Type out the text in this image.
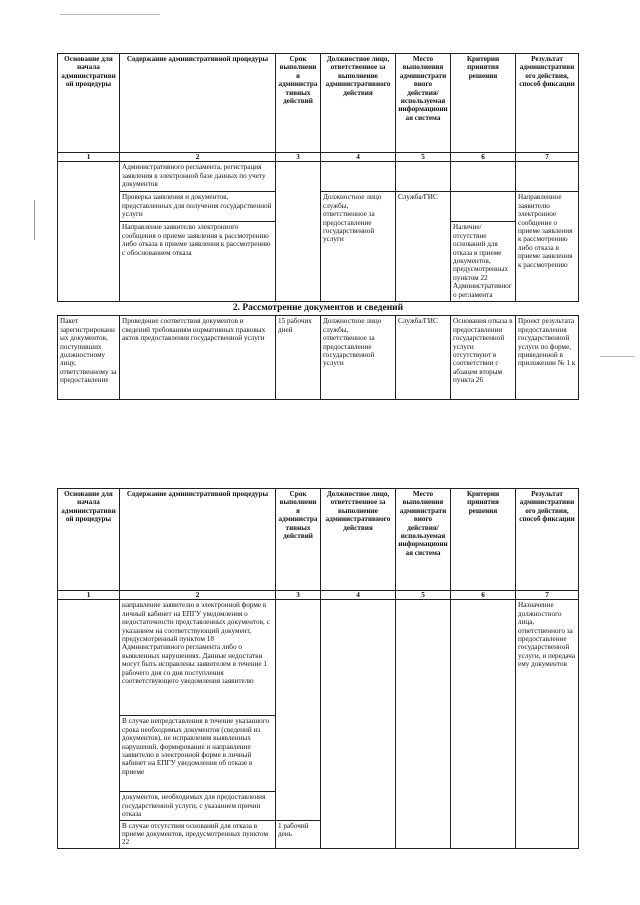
Основание для начала административной процедуры	Содержание административной процедуры	Срок выполнения административных действий	Должностное лицо, ответственное за выполнение административного действия	Место выполнения административного действия/ используемая информационная система	Критерии принятия решения	Результат административного действия, способ фиксации
1	2	3	4	5	6	7
	Административного регламента, регистрация заявления в электронной базе данных по учету документов					
	Проверка заявления и документов, представленных для получения государственной услуги		Должностное лицо службы, ответственное за предоставление государственной услуги	Служба/ГИС		Направленное заявителю электронное сообщение о приеме заявления к рассмотрению либо отказа в приеме заявления к рассмотрению
	Направление заявителю электронного сообщения о приеме заявления к рассмотрению либо отказа в приеме заявления к рассмотрению с обоснованием отказа				Наличие/отсутствие оснований для отказа в приеме документов, предусмотренных пунктом 22 Административного регламента	
2. Рассмотрение документов и сведений						
Пакет зарегистрированных документов, поступивших должностному лицу, ответственному за предоставление	Проведение соответствия документов и сведений требованиям нормативных правовых актов предоставления государственной услуги	15 рабочих дней	Должностное лицо службы, ответственное за предоставление государственной услуги	Служба/ГИС	Основания отказа в предоставлении государственной услуги отсутствуют в соответствии с абзацем вторым пункта 26	Проект результата предоставления государственной услуги по форме, приведенной в приложении № 1 к
Основание для начала административной процедуры	Содержание административной процедуры	Срок выполнения административных действий	Должностное лицо, ответственное за выполнение административного действия	Место выполнения административного действия/ используемая информационная система	Критерии принятия решения	Результат административного действия, способ фиксации
1	2	3	4	5	6	7
	направление заявителю в электронной форме в личный кабинет на ЕПГУ уведомления о недостаточности представленных документов, с указанием на соответствующий документ, предусмотренный пунктом 18 Административного регламента либо о выявленных нарушениях. Данные недостатки могут быть исправлены заявителем в течение 1 рабочего дня со дня поступления соответствующего уведомления заявителю					Назначение должностного лица, ответственного за предоставление государственной услуги, и передача ему документов
	В случае непредставления в течение указанного срока необходимых документов (сведений из документов), не исправления выявленных нарушений, формирование и направление заявителю в электронной форме в личный кабинет на ЕПГУ уведомления об отказе в приеме					
	документов, необходимых для предоставления государственной услуги, с указанием причин отказа					
	В случае отсутствия оснований для отказа в приеме документов, предусмотренных пунктом 22	1 рабочий день				
